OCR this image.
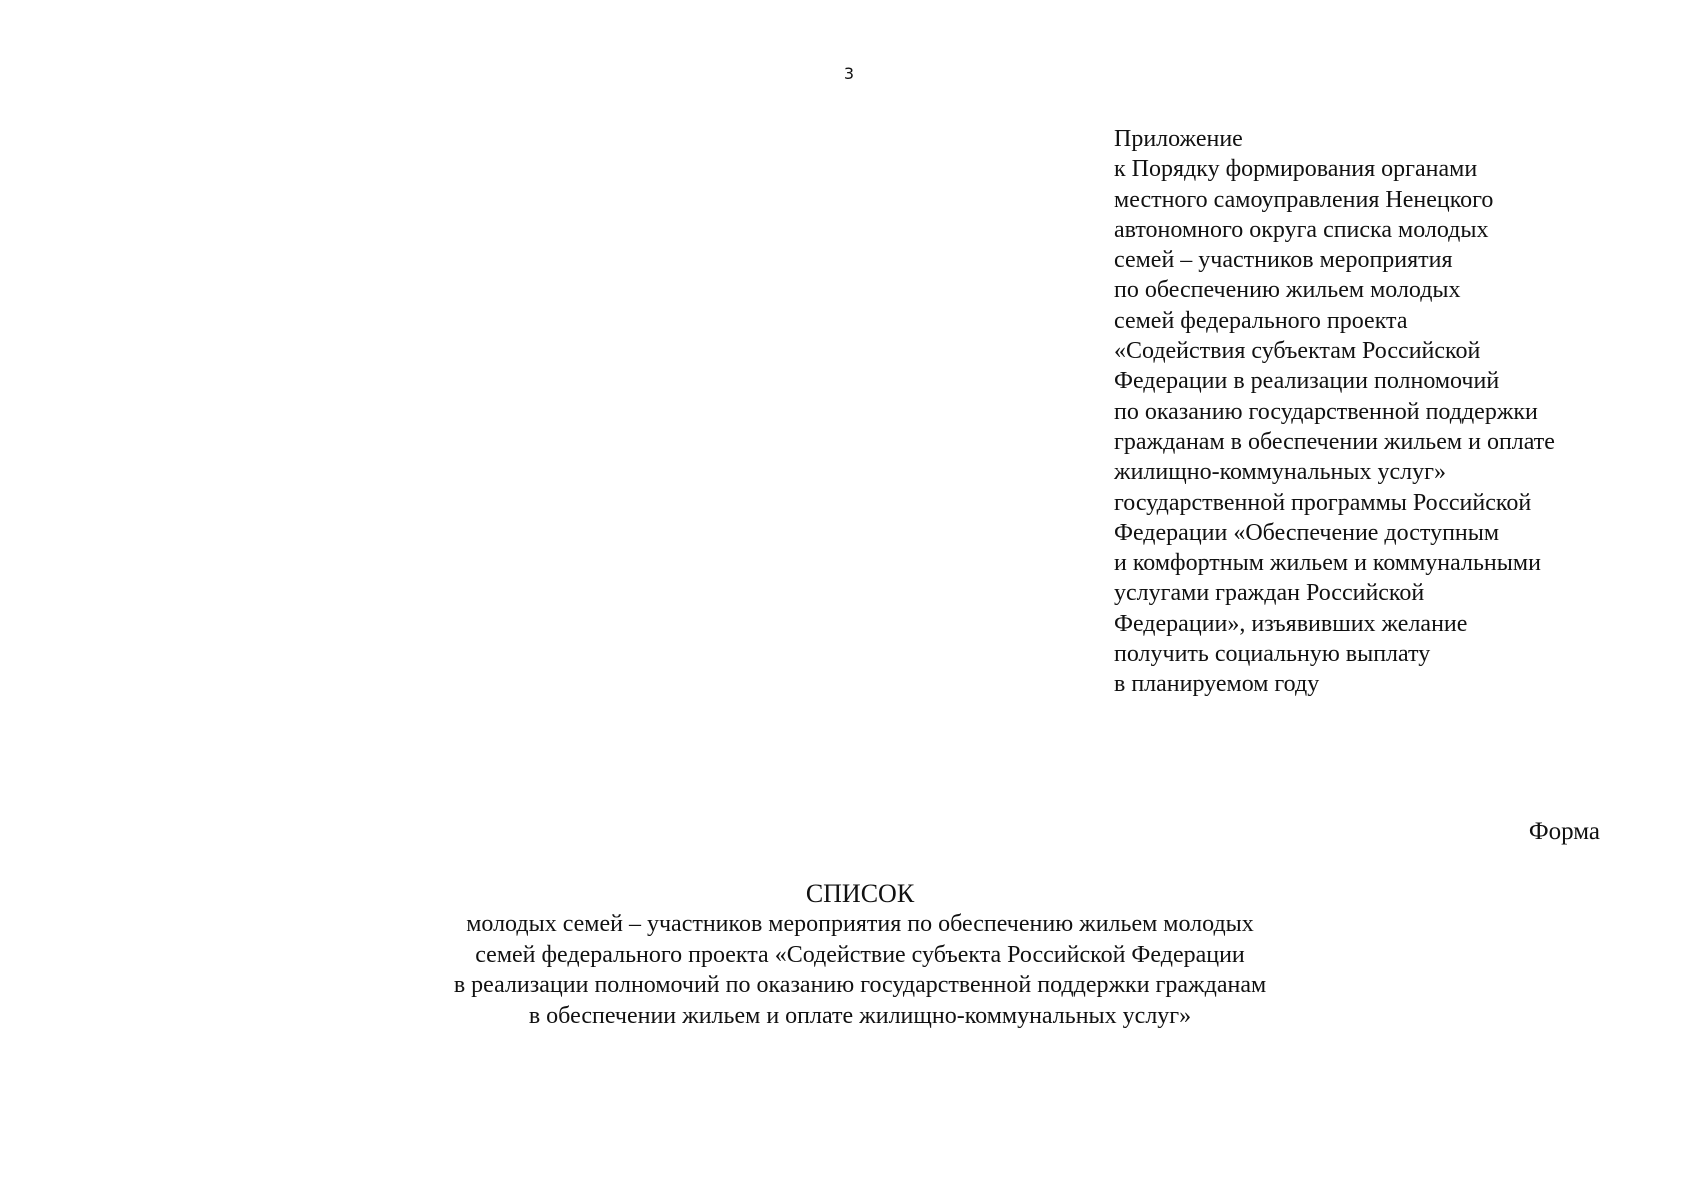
3
Приложение
к Порядку формирования органами
местного самоуправления Ненецкого
автономного округа списка молодых
семей – участников мероприятия
по обеспечению жильем молодых
семей федерального проекта
«Содействия субъектам Российской
Федерации в реализации полномочий
по оказанию государственной поддержки
гражданам в обеспечении жильем и оплате
жилищно-коммунальных услуг»
государственной программы Российской
Федерации «Обеспечение доступным
и комфортным жильем и коммунальными
услугами граждан Российской
Федерации», изъявивших желание
получить социальную выплату
в планируемом году
Форма
СПИСОК
молодых семей – участников мероприятия по обеспечению жильем молодых
семей федерального проекта «Содействие субъекта Российской Федерации
в реализации полномочий по оказанию государственной поддержки гражданам
в обеспечении жильем и оплате жилищно-коммунальных услуг»
